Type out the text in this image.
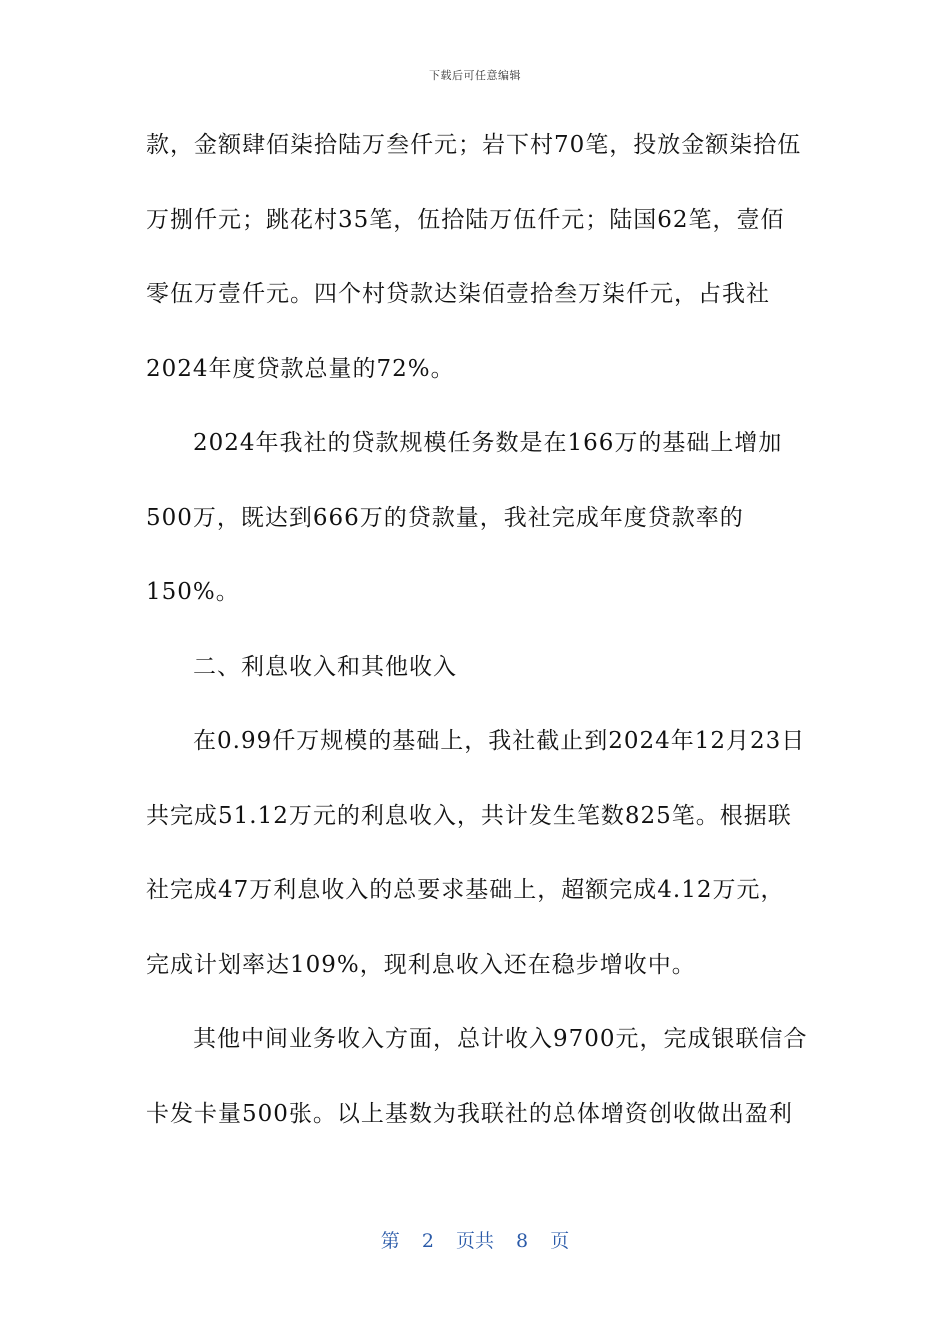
下载后可任意编辑
款，金额肆佰柒拾陆万叁仟元；岩下村70笔，投放金额柒拾伍
万捌仟元；跳花村35笔，伍拾陆万伍仟元；陆国62笔，壹佰
零伍万壹仟元。四个村贷款达柒佰壹拾叁万柒仟元，占我社
2024年度贷款总量的72%。
2024年我社的贷款规模任务数是在166万的基础上增加
500万，既达到666万的贷款量，我社完成年度贷款率的
150%。
二、利息收入和其他收入
在0.99仟万规模的基础上，我社截止到2024年12月23日
共完成51.12万元的利息收入，共计发生笔数825笔。根据联
社完成47万利息收入的总要求基础上，超额完成4.12万元，
完成计划率达109%，现利息收入还在稳步增收中。
其他中间业务收入方面，总计收入9700元，完成银联信合
卡发卡量500张。以上基数为我联社的总体增资创收做出盈利
第 2 页共 8 页
